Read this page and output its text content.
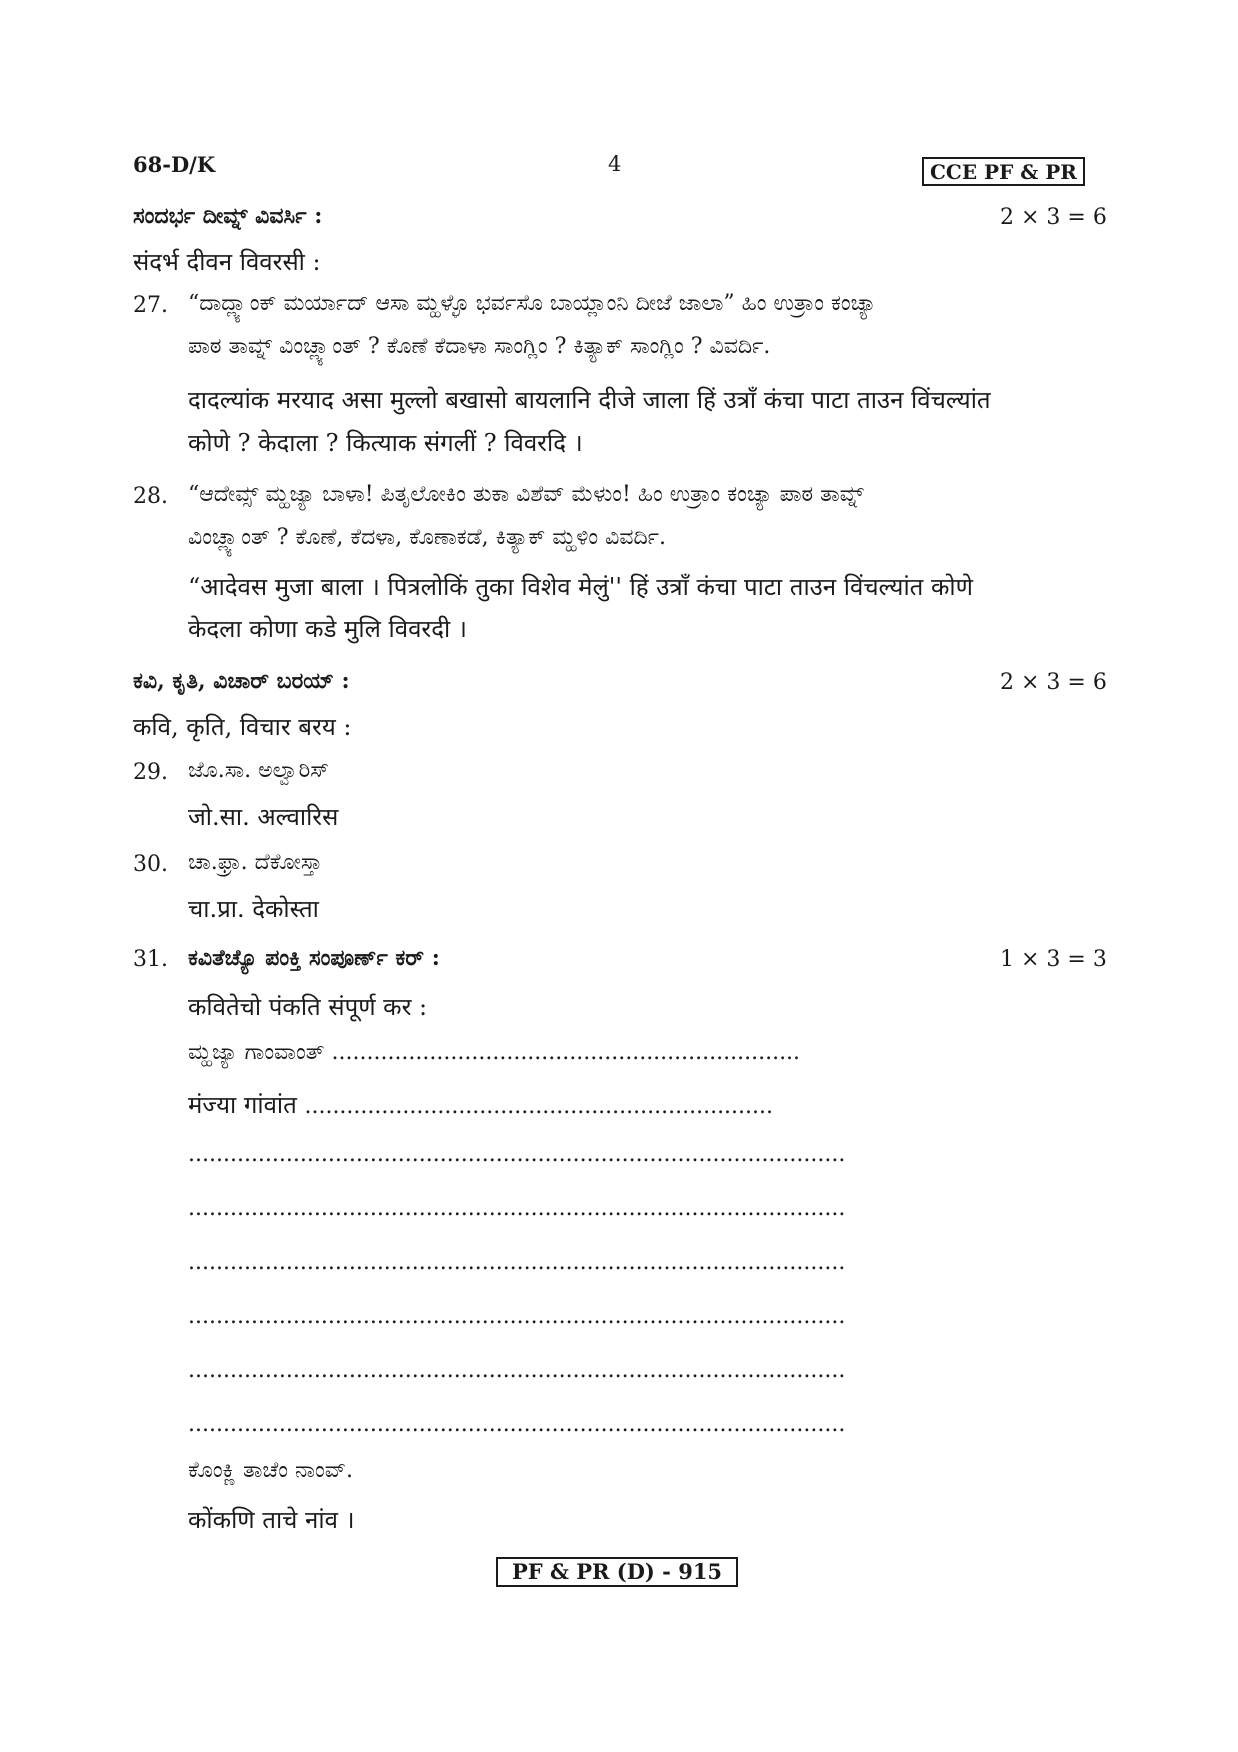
68-D/K	4	CCE PF & PR
ಸಂದರ್ಭ ದೀವ್ನ್ ವಿವರ್ಸಿ :	2 × 3 = 6
संदर्भ दीवन विवरसी :
27. “ದಾದ್ಲ್ಯಾಂಕ್ ಮರ್ಯಾದ್ ಆಸಾ ಮ್ಹಳ್ಳೊ ಭರ್ವಸೊ ಬಾಯ್ಲಾಂನಿ ದೀಜೆ ಜಾಲಾ” ಹಿಂ ಉತ್ರಾಂ ಕಂಚ್ಯಾ
ಪಾಠ ತಾವ್ನ್ ವಿಂಚ್ಲ್ಯಾಂತ್ ? ಕೊಣೆ ಕೆದಾಳಾ ಸಾಂಗ್ಲಿಂ ? ಕಿತ್ಯಾಕ್ ಸಾಂಗ್ಲಿಂ ? ವಿವರ್ದಿ.
दादल्यांक मरयाद असा मुल्लो बखासो बायलानि दीजे जाला हिं उत्राँ कंचा पाटा ताउन विंचल्यांत
कोणे ? केदाला ? कित्याक संगलीं ? विवरदि ।
28. “ಆದೇವ್ಸ್ ಮ್ಹಜ್ಯಾ ಬಾಳಾ! ಪಿತೃಲೋಕಿಂ ತುಕಾ ವಿಶೆವ್ ಮೆಳುಂ! ಹಿಂ ಉತ್ರಾಂ ಕಂಚ್ಯಾ ಪಾಠ ತಾವ್ನ್
ವಿಂಚ್ಲ್ಯಾಂತ್ ? ಕೊಣೆ, ಕೆದಳಾ, ಕೊಣಾಕಡೆ, ಕಿತ್ಯಾಕ್ ಮ್ಹಳಿಂ ವಿವರ್ದಿ.
“आदेवस मुजा बाला । पित्रलोकिं तुका विशेव मेलुं'' हिं उत्राँ कंचा पाटा ताउन विंचल्यांत कोणे
केदला कोणा कडे मुलि विवरदी ।
ಕವಿ, ಕೃತಿ, ವಿಚಾರ್ ಬರಯ್ :	2 × 3 = 6
कवि, कृति, विचार बरय :
29. ಜೊ.ಸಾ. ಅಲ್ವಾರಿಸ್
जो.सा. अल्वारिस
30. ಚಾ.ಫ್ರಾ. ದೆಕೋಸ್ತಾ
चा.प्रा. देकोस्ता
31. ಕವಿತೆಚ್ಯೊ ಪಂಕ್ತಿ ಸಂಪೂರ್ಣ್ ಕರ್ :	1 × 3 = 3
कवितेचो पंकति संपूर्ण कर :
ಮ್ಹಜ್ಯಾ ಗಾಂವಾಂತ್ ...................................................................
मंज्या गांवांत ...................................................................
..............................................................................................
..............................................................................................
..............................................................................................
..............................................................................................
..............................................................................................
..............................................................................................
ಕೊಂಕ್ಣಿ ತಾಚೆಂ ನಾಂವ್.
कोंकणि ताचे नांव ।
PF & PR (D) - 915
